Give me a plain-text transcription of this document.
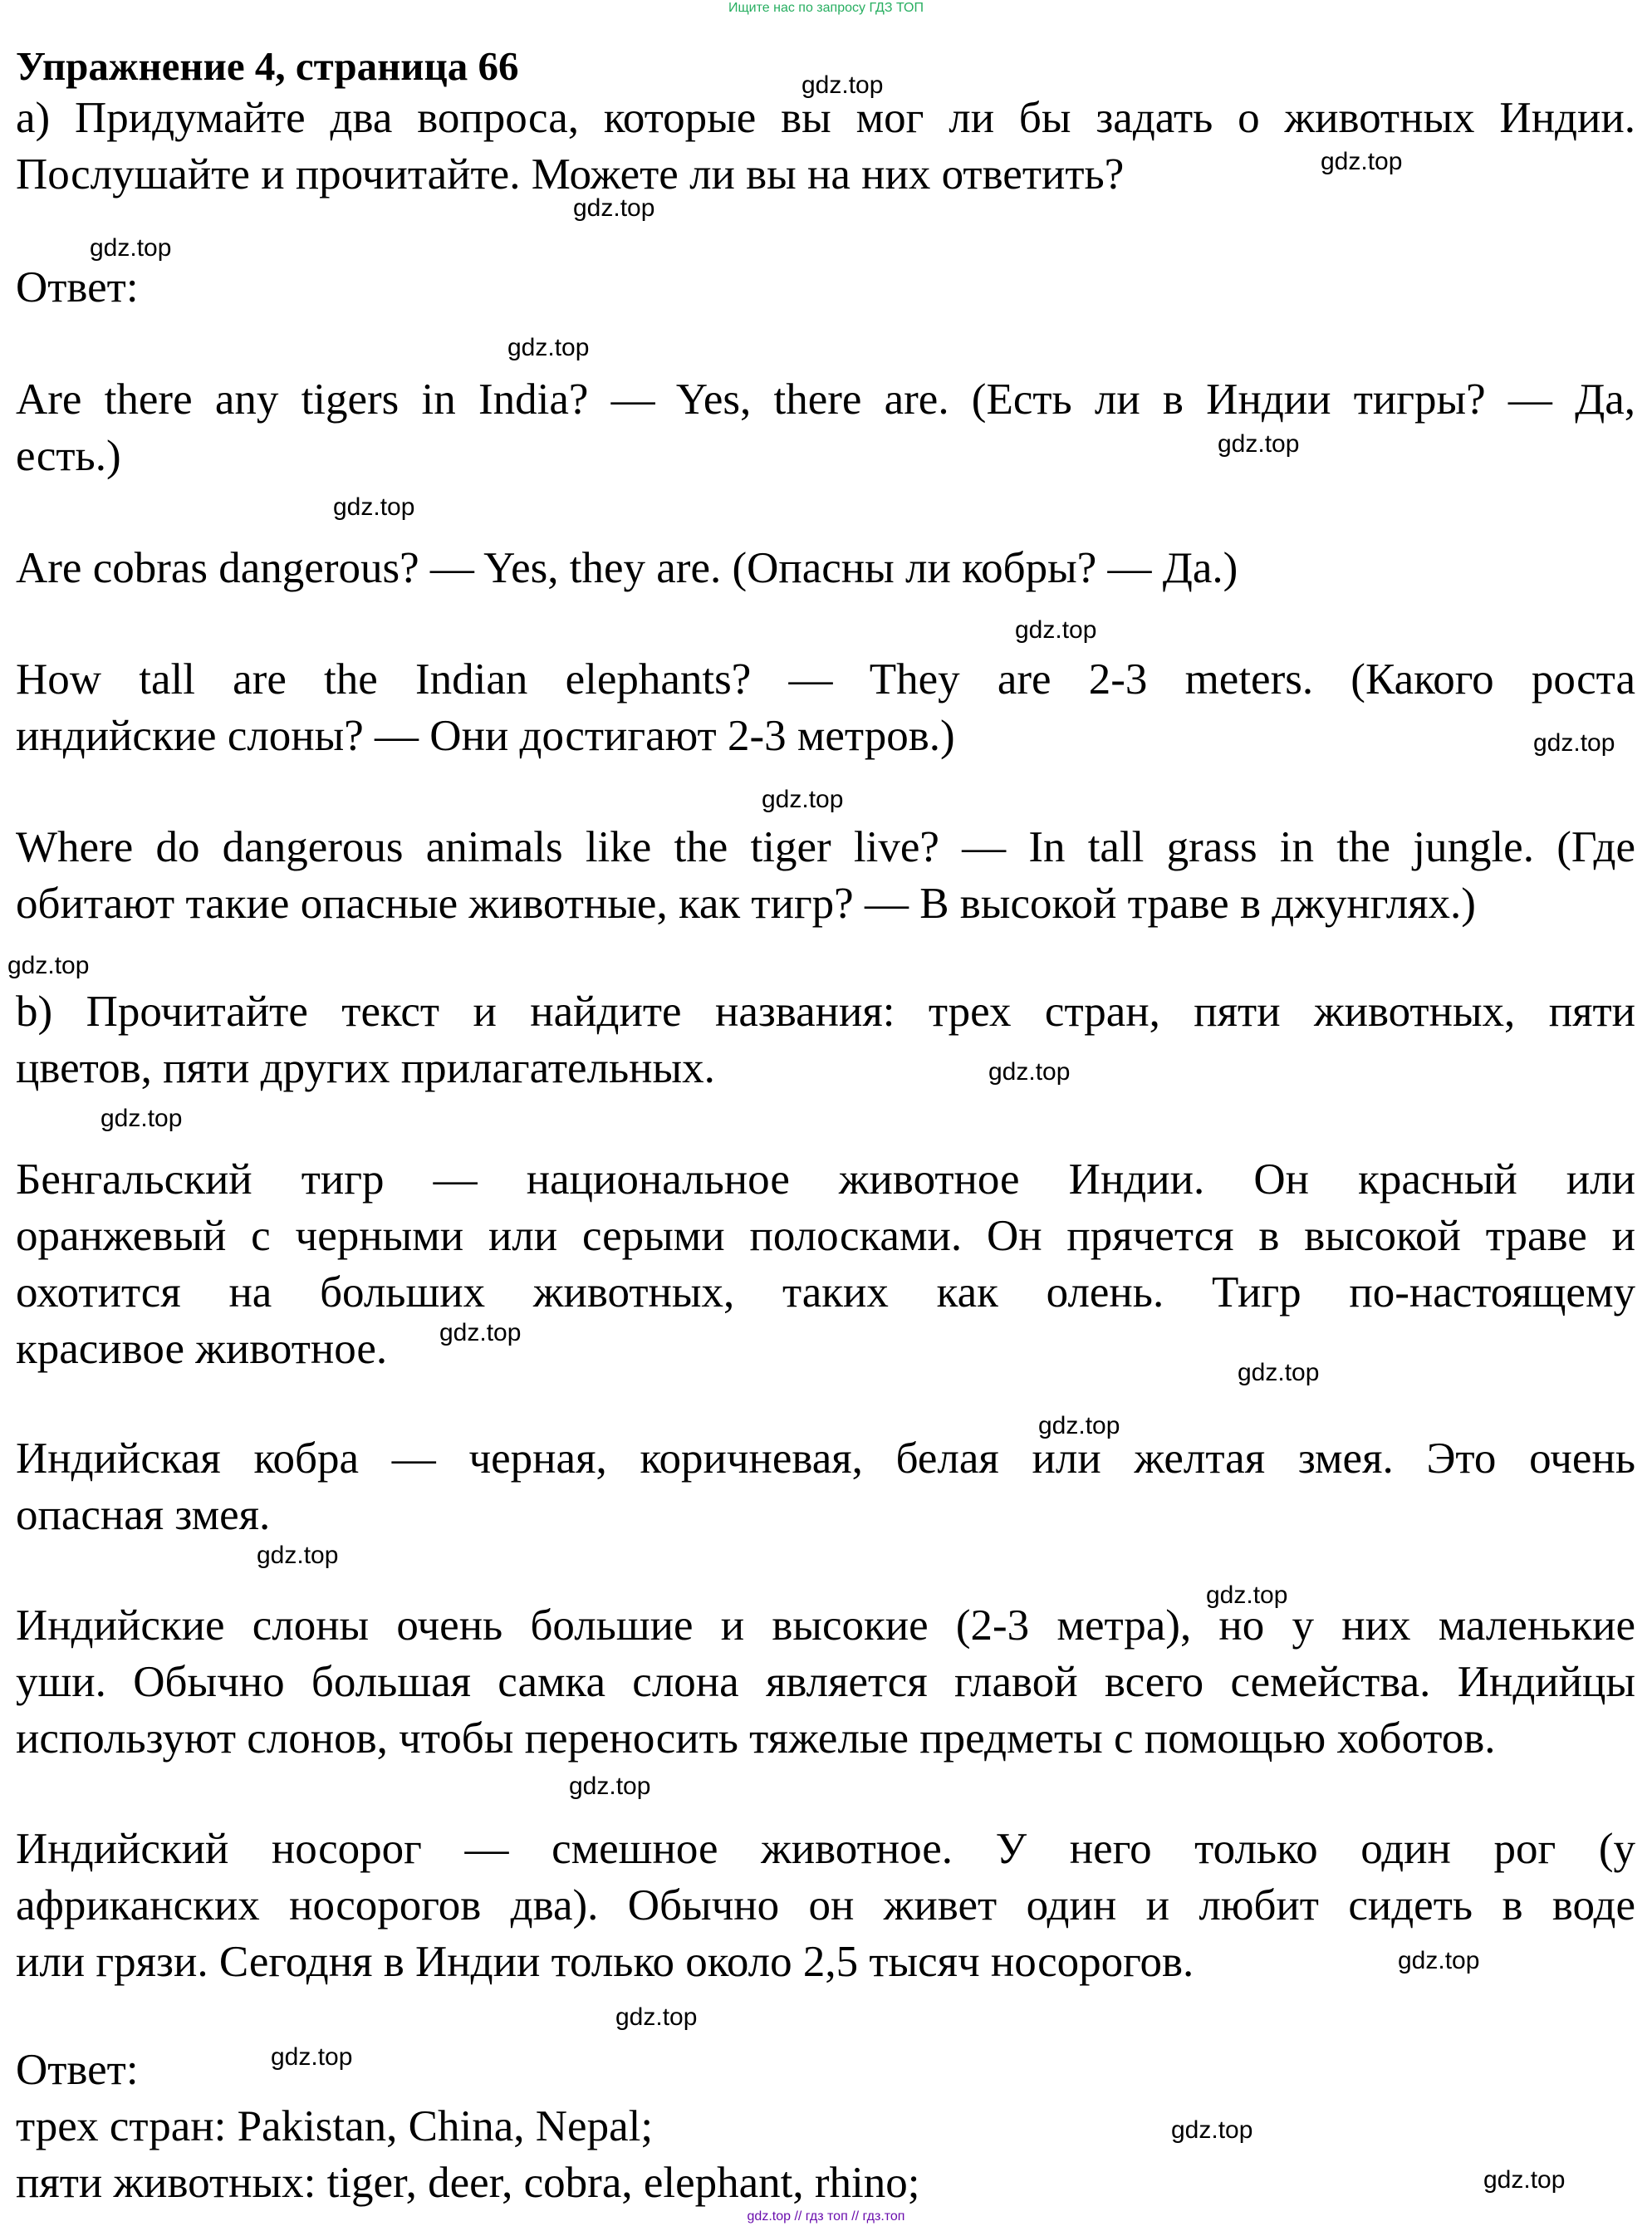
Ищите нас по запросу ГДЗ ТОП
Упражнение 4, страница 66
а) Придумайте два вопроса, которые вы мог ли бы задать о животных Индии.
Послушайте и прочитайте. Можете ли вы на них ответить?
Ответ:
Are there any tigers in India? — Yes, there are. (Есть ли в Индии тигры? — Да,
есть.)
Are cobras dangerous? — Yes, they are. (Опасны ли кобры? — Да.)
How tall are the Indian elephants? — They are 2-3 meters. (Какого роста
индийские слоны? — Они достигают 2-3 метров.)
Where do dangerous animals like the tiger live? — In tall grass in the jungle. (Где
обитают такие опасные животные, как тигр? — В высокой траве в джунглях.)
b) Прочитайте текст и найдите названия: трех стран, пяти животных, пяти
цветов, пяти других прилагательных.
Бенгальский тигр — национальное животное Индии. Он красный или
оранжевый с черными или серыми полосками. Он прячется в высокой траве и
охотится на больших животных, таких как олень. Тигр по-настоящему
красивое животное.
Индийская кобра — черная, коричневая, белая или желтая змея. Это очень
опасная змея.
Индийские слоны очень большие и высокие (2-3 метра), но у них маленькие
уши. Обычно большая самка слона является главой всего семейства. Индийцы
используют слонов, чтобы переносить тяжелые предметы с помощью хоботов.
Индийский носорог — смешное животное. У него только один рог (у
африканских носорогов два). Обычно он живет один и любит сидеть в воде
или грязи. Сегодня в Индии только около 2,5 тысяч носорогов.
Ответ:
трех стран: Pakistan, China, Nepal;
пяти животных: tiger, deer, cobra, elephant, rhino;
gdz.top
gdz.top
gdz.top
gdz.top
gdz.top
gdz.top
gdz.top
gdz.top
gdz.top
gdz.top
gdz.top
gdz.top
gdz.top
gdz.top
gdz.top
gdz.top
gdz.top
gdz.top
gdz.top
gdz.top
gdz.top
gdz.top
gdz.top
gdz.top
gdz.top // гдз топ // гдз.топ
